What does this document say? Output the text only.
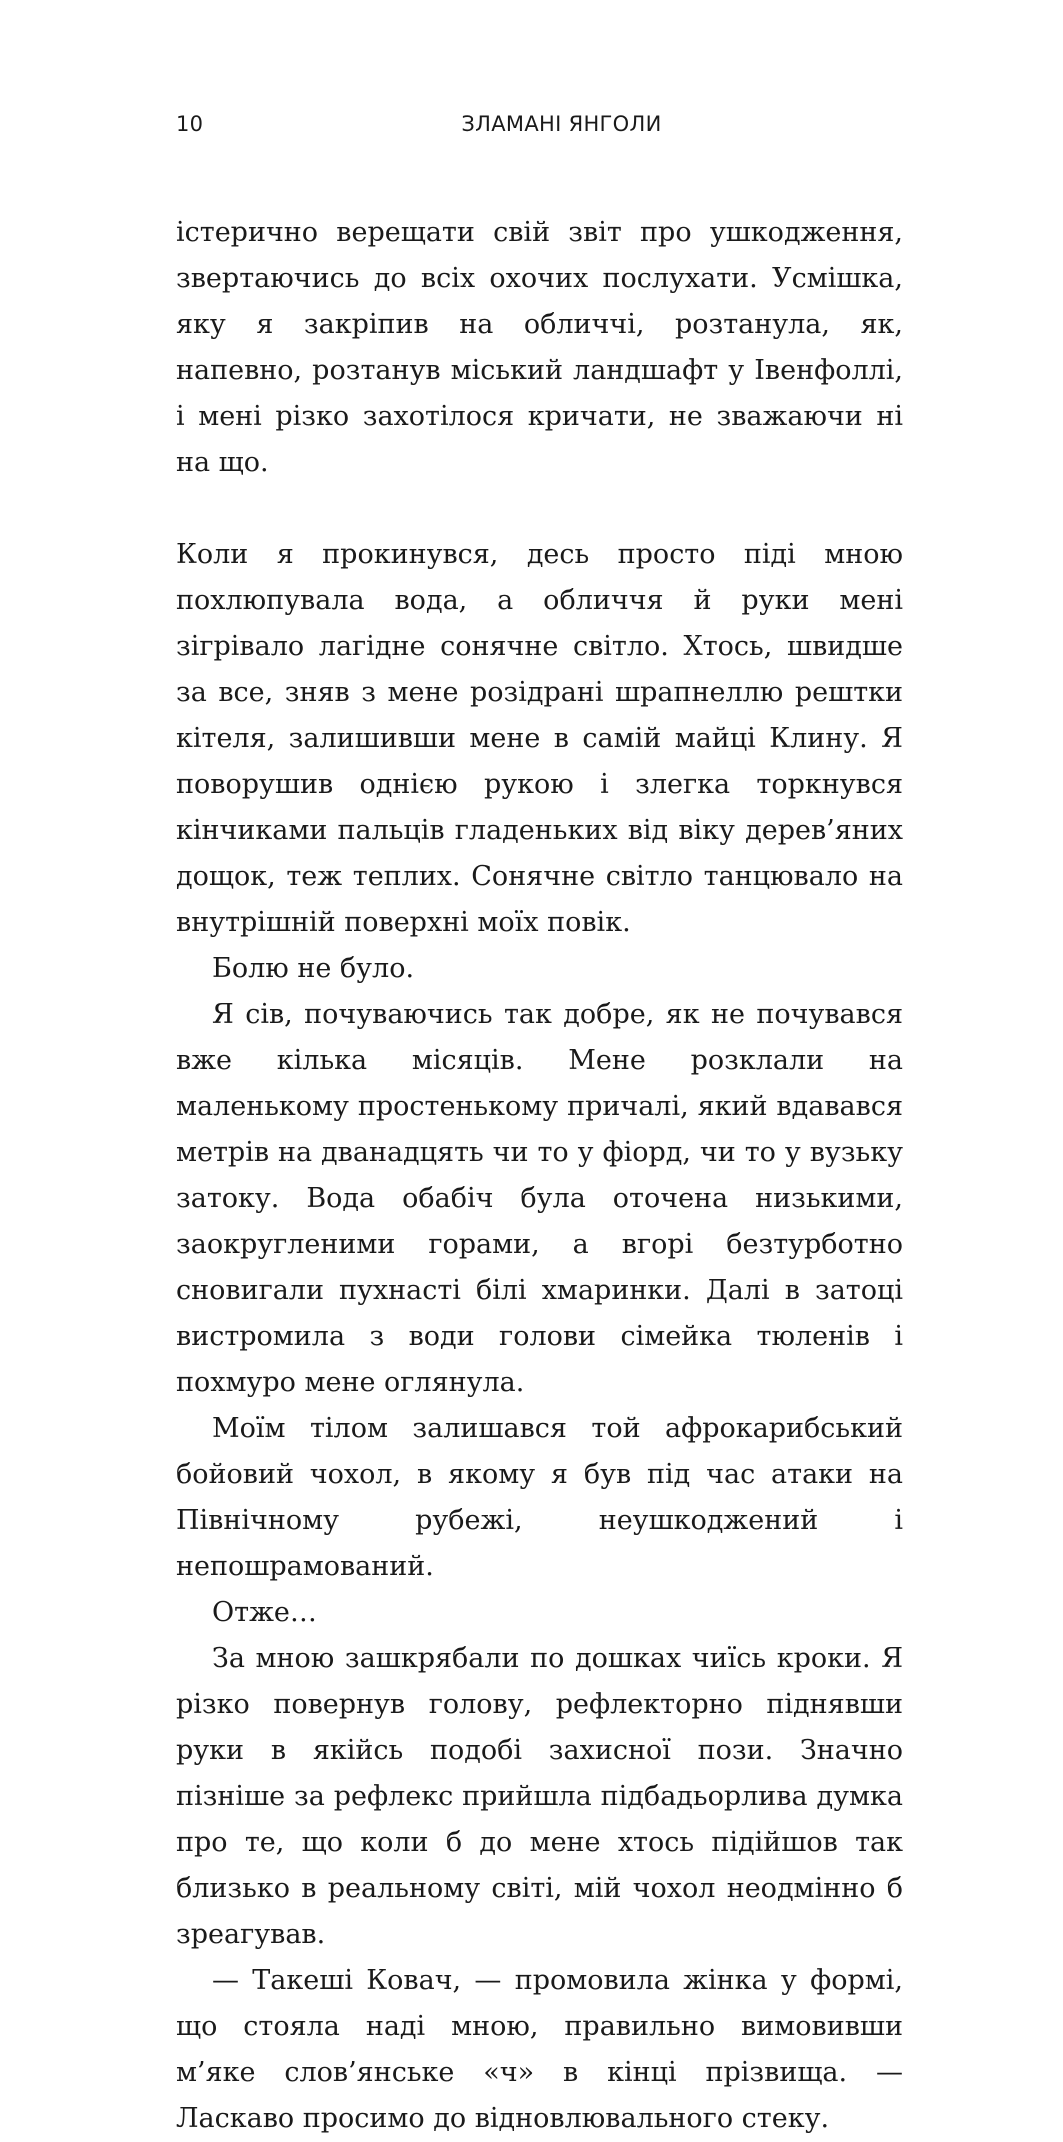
10	ЗЛАМАНІ ЯНГОЛИ

істерично верещати свій звіт про ушкодження, звертаючись до всіх охочих послухати. Усмішка, яку я закріпив на обличчі, розтанула, як, напевно, розтанув міський ландшафт у Івенфоллі, і мені різко захотілося кричати, не зважаючи ні на що.

Коли я прокинувся, десь просто піді мною похлюпувала вода, а обличчя й руки мені зігрівало лагідне сонячне світло. Хтось, швидше за все, зняв з мене розідрані шрапнеллю рештки кітеля, залишивши мене в самій майці Клину. Я поворушив однією рукою і злегка торкнувся кінчиками пальців гладеньких від віку дерев’яних дощок, теж теплих. Сонячне світло танцювало на внутрішній поверхні моїх повік.

Болю не було.

Я сів, почуваючись так добре, як не почувався вже кілька місяців. Мене розклали на маленькому простенькому причалі, який вдавався метрів на дванадцять чи то у фіорд, чи то у вузьку затоку. Вода обабіч була оточена низькими, заокругленими горами, а вгорі безтурботно сновигали пухнасті білі хмаринки. Далі в затоці вистромила з води голови сімейка тюленів і похмуро мене оглянула.

Моїм тілом залишався той афрокарибський бойовий чохол, в якому я був під час атаки на Північному рубежі, неушкоджений і непошрамований.

Отже…

За мною зашкрябали по дошках чиїсь кроки. Я різко повернув голову, рефлекторно піднявши руки в якійсь подобі захисної пози. Значно пізніше за рефлекс прийшла підбадьорлива думка про те, що коли б до мене хтось підійшов так близько в реальному світі, мій чохол неодмінно б зреагував.

— Такеші Ковач, — промовила жінка у формі, що стояла наді мною, правильно вимовивши м’яке слов’янське «ч» в кінці прізвища. — Ласкаво просимо до відновлювального стеку.
